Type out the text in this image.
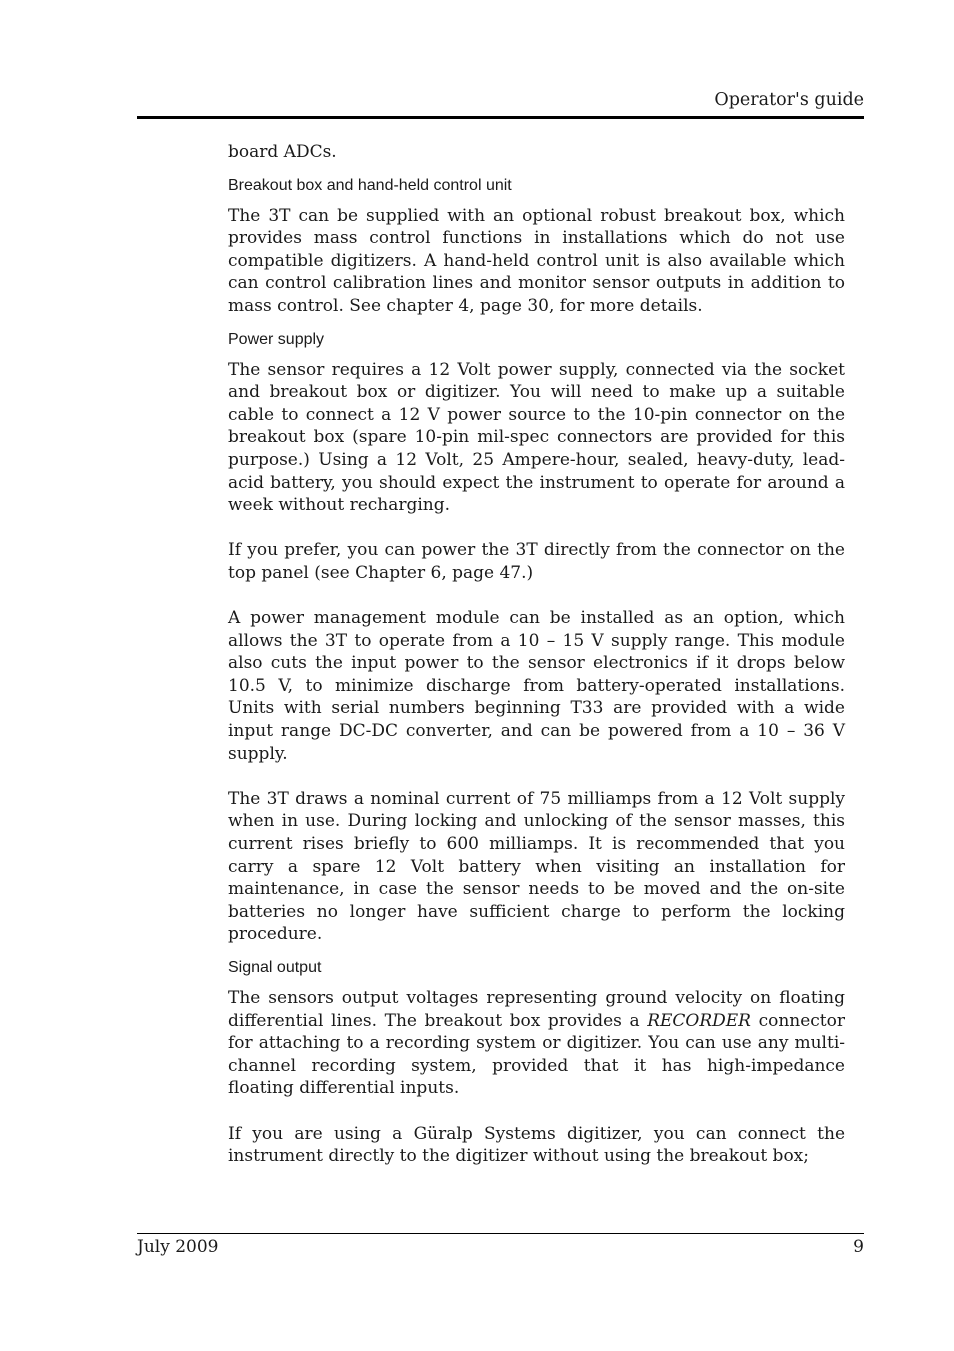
Operator's guide

board ADCs.

Breakout box and hand-held control unit

The 3T can be supplied with an optional robust breakout box, which provides mass control functions in installations which do not use compatible digitizers. A hand-held control unit is also available which can control calibration lines and monitor sensor outputs in addition to mass control. See chapter 4, page 30, for more details.

Power supply

The sensor requires a 12 Volt power supply, connected via the socket and breakout box or digitizer. You will need to make up a suitable cable to connect a 12 V power source to the 10-pin connector on the breakout box (spare 10-pin mil-spec connectors are provided for this purpose.) Using a 12 Volt, 25 Ampere-hour, sealed, heavy-duty, lead-acid battery, you should expect the instrument to operate for around a week without recharging.

If you prefer, you can power the 3T directly from the connector on the top panel (see Chapter 6, page 47.)

A power management module can be installed as an option, which allows the 3T to operate from a 10 – 15 V supply range. This module also cuts the input power to the sensor electronics if it drops below 10.5 V, to minimize discharge from battery-operated installations. Units with serial numbers beginning T33 are provided with a wide input range DC-DC converter, and can be powered from a 10 – 36 V supply.

The 3T draws a nominal current of 75 milliamps from a 12 Volt supply when in use. During locking and unlocking of the sensor masses, this current rises briefly to 600 milliamps. It is recommended that you carry a spare 12 Volt battery when visiting an installation for maintenance, in case the sensor needs to be moved and the on-site batteries no longer have sufficient charge to perform the locking procedure.

Signal output

The sensors output voltages representing ground velocity on floating differential lines. The breakout box provides a RECORDER connector for attaching to a recording system or digitizer. You can use any multi-channel recording system, provided that it has high-impedance floating differential inputs.

If you are using a Güralp Systems digitizer, you can connect the instrument directly to the digitizer without using the breakout box;

July 2009	9
